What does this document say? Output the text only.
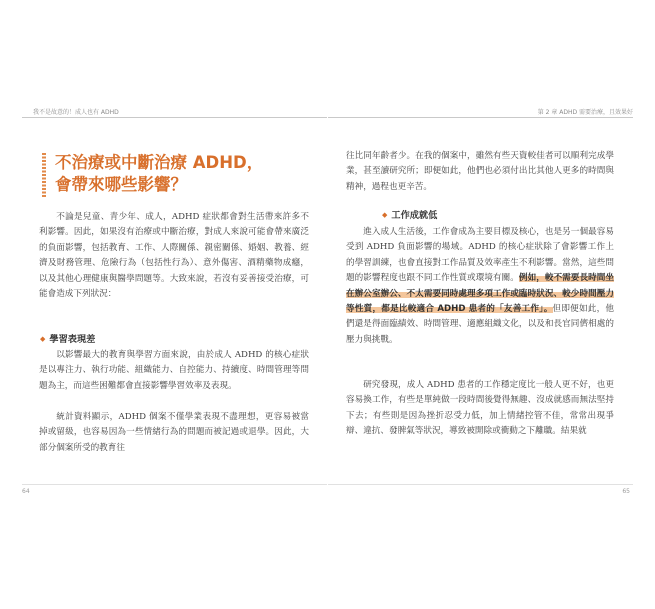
我不是故意的！成人也有 ADHD
不治療或中斷治療 ADHD，
會帶來哪些影響？

不論是兒童、青少年、成人，ADHD 症狀都會對生活帶來許多不利影響。因此，如果沒有治療或中斷治療，對成人來說可能會帶來廣泛的負面影響，包括教育、工作、人際關係、親密關係、婚姻、教養、經濟及財務管理、危險行為（包括性行為）、意外傷害、酒精藥物成癮，以及其他心理健康與醫學問題等。大致來說，若沒有妥善接受治療，可能會造成下列狀況：

◆ 學習表現差

以影響最大的教育與學習方面來說，由於成人 ADHD 的核心症狀是以專注力、執行功能、組織能力、自控能力、持續度、時間管理等問題為主，而這些困難都會直接影響學習效率及表現。

統計資料顯示，ADHD 個案不僅學業表現不盡理想，更容易被當掉或留級，也容易因為一些情緒行為的問題而被記過或退學。因此，大部分個案所受的教育往

64
第 2 章 ADHD 需要治療，且效果好

往比同年齡者少。在我的個案中，雖然有些天資較佳者可以順利完成學業，甚至讀研究所；即便如此，他們也必須付出比其他人更多的時間與精神，過程也更辛苦。

◆ 工作成就低

進入成人生活後，工作會成為主要目標及核心，也是另一個最容易受到 ADHD 負面影響的場域。ADHD 的核心症狀除了會影響工作上的學習訓練，也會直接對工作品質及效率產生不利影響。當然，這些問題的影響程度也跟不同工作性質或環境有關。例如，較不需要長時間坐在辦公室辦公、不太需要同時處理多項工作或臨時狀況、較少時間壓力等性質，都是比較適合 ADHD 患者的「友善工作」。但即便如此，他們還是得面臨績效、時間管理、適應組織文化，以及和長官同儕相處的壓力與挑戰。

研究發現，成人 ADHD 患者的工作穩定度比一般人更不好，也更容易換工作，有些是單純做一段時間後覺得無趣、沒成就感而無法堅持下去；有些則是因為挫折忍受力低，加上情緒控管不佳，常常出現爭辯、違抗、發脾氣等狀況，導致被開除或衝動之下離職。結果就

65
